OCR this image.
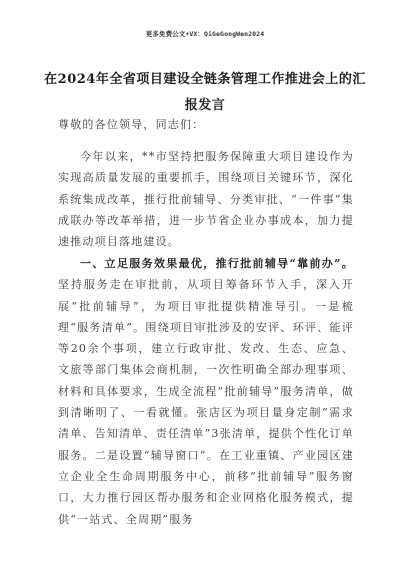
更多免费公文+VX：QiGeGongWen2024
在2024年全省项目建设全链条管理工作推进会上的汇报发言
尊敬的各位领导，同志们：
今年以来，**市坚持把服务保障重大项目建设作为实现高质量发展的重要抓手，围绕项目关键环节，深化系统集成改革，推行批前辅导、分类审批、“一件事”集成联办等改革举措，进一步节省企业办事成本，加力提速推动项目落地建设。
一、立足服务效果最优，推行批前辅导“靠前办”。坚持服务走在审批前，从项目筹备环节入手，深入开展“批前辅导”，为项目审批提供精准导引。一是梳理“服务清单”。围绕项目审批涉及的安评、环评、能评等20余个事项，建立行政审批、发改、生态、应急、文旅等部门集体会商机制，一次性明确全部办理事项、材料和具体要求，生成全流程“批前辅导”服务清单，做到清晰明了、一看就懂。张店区为项目量身定制“需求清单、告知清单、责任清单”3张清单，提供个性化订单服务。二是设置“辅导窗口”。在工业重镇、产业园区建立企业全生命周期服务中心，前移“批前辅导”服务窗口，大力推行园区帮办服务和企业网格化服务模式，提供“一站式、全周期”服务
